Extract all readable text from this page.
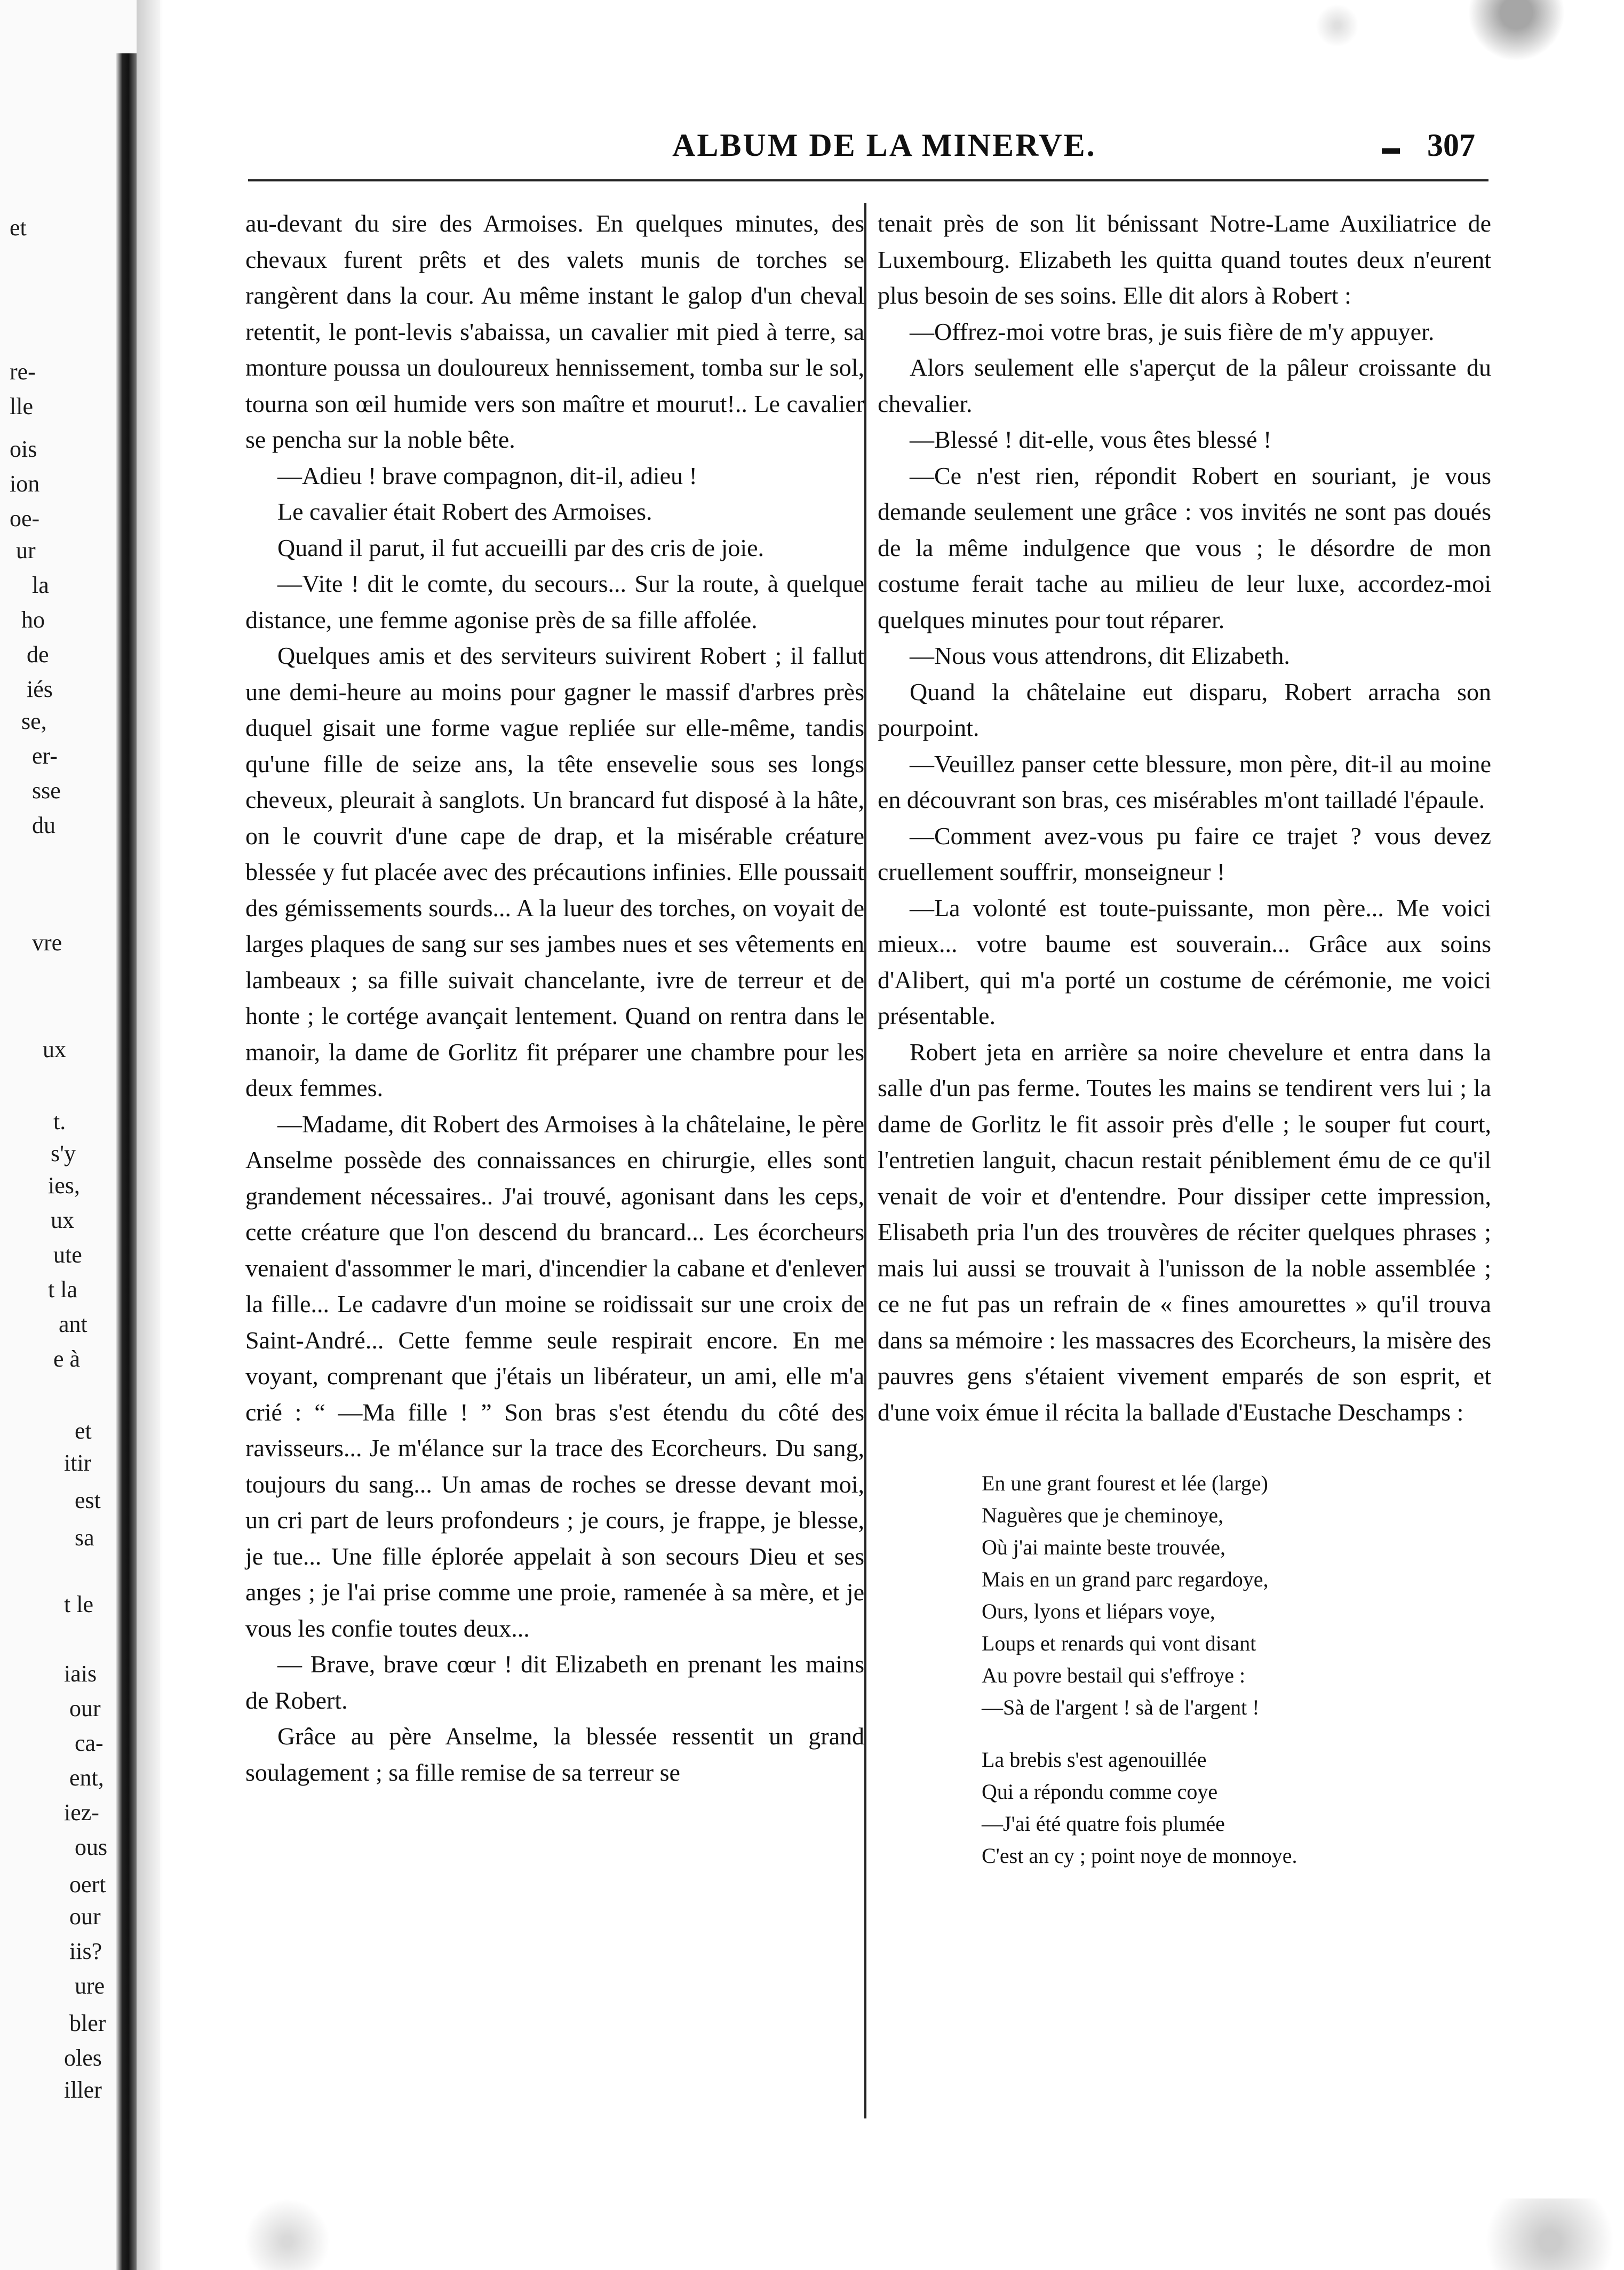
et
re-
lle
ois
ion
oe-
ur
la
ho
de
iés
se,
er-
sse
du
vre
ux
t.
s'y
ies,
ux
ute
t la
ant
e à
et
itir
est
sa
t le
iais
our
ca-
ent,
iez-
ous
oert
our
iis?
ure
bler
oles
iller
ALBUM DE LA MINERVE.	307

au-devant du sire des Armoises. En quelques minutes, des chevaux furent prêts et des valets munis de torches se rangèrent dans la cour. Au même instant le galop d'un cheval retentit, le pont-levis s'abaissa, un cavalier mit pied à terre, sa monture poussa un douloureux hennissement, tomba sur le sol, tourna son œil humide vers son maître et mourut!.. Le cavalier se pencha sur la noble bête.

—Adieu ! brave compagnon, dit-il, adieu !

Le cavalier était Robert des Armoises.

Quand il parut, il fut accueilli par des cris de joie.

—Vite ! dit le comte, du secours... Sur la route, à quelque distance, une femme agonise près de sa fille affolée.

Quelques amis et des serviteurs suivirent Robert ; il fallut une demi-heure au moins pour gagner le massif d'arbres près duquel gisait une forme vague repliée sur elle-même, tandis qu'une fille de seize ans, la tête ensevelie sous ses longs cheveux, pleurait à sanglots. Un brancard fut disposé à la hâte, on le couvrit d'une cape de drap, et la misérable créature blessée y fut placée avec des précautions infinies. Elle poussait des gémissements sourds... A la lueur des torches, on voyait de larges plaques de sang sur ses jambes nues et ses vêtements en lambeaux ; sa fille suivait chancelante, ivre de terreur et de honte ; le cortége avançait lentement. Quand on rentra dans le manoir, la dame de Gorlitz fit préparer une chambre pour les deux femmes.

—Madame, dit Robert des Armoises à la châtelaine, le père Anselme possède des connaissances en chirurgie, elles sont grandement nécessaires.. J'ai trouvé, agonisant dans les ceps, cette créature que l'on descend du brancard... Les écorcheurs venaient d'assommer le mari, d'incendier la cabane et d'enlever la fille... Le cadavre d'un moine se roidissait sur une croix de Saint-André... Cette femme seule respirait encore. En me voyant, comprenant que j'étais un libérateur, un ami, elle m'a crié : “ —Ma fille ! ” Son bras s'est étendu du côté des ravisseurs... Je m'élance sur la trace des Ecorcheurs. Du sang, toujours du sang... Un amas de roches se dresse devant moi, un cri part de leurs profondeurs ; je cours, je frappe, je blesse, je tue... Une fille éplorée appelait à son secours Dieu et ses anges ; je l'ai prise comme une proie, ramenée à sa mère, et je vous les confie toutes deux...

— Brave, brave cœur ! dit Elizabeth en prenant les mains de Robert.

Grâce au père Anselme, la blessée ressentit un grand soulagement ; sa fille remise de sa terreur se

tenait près de son lit bénissant Notre-Lame Auxiliatrice de Luxembourg. Elizabeth les quitta quand toutes deux n'eurent plus besoin de ses soins. Elle dit alors à Robert :

—Offrez-moi votre bras, je suis fière de m'y appuyer.

Alors seulement elle s'aperçut de la pâleur croissante du chevalier.

—Blessé ! dit-elle, vous êtes blessé !

—Ce n'est rien, répondit Robert en souriant, je vous demande seulement une grâce : vos invités ne sont pas doués de la même indulgence que vous ; le désordre de mon costume ferait tache au milieu de leur luxe, accordez-moi quelques minutes pour tout réparer.

—Nous vous attendrons, dit Elizabeth.

Quand la châtelaine eut disparu, Robert arracha son pourpoint.

—Veuillez panser cette blessure, mon père, dit-il au moine en découvrant son bras, ces misérables m'ont tailladé l'épaule.

—Comment avez-vous pu faire ce trajet ? vous devez cruellement souffrir, monseigneur !

—La volonté est toute-puissante, mon père... Me voici mieux... votre baume est souverain... Grâce aux soins d'Alibert, qui m'a porté un costume de cérémonie, me voici présentable.

Robert jeta en arrière sa noire chevelure et entra dans la salle d'un pas ferme. Toutes les mains se tendirent vers lui ; la dame de Gorlitz le fit assoir près d'elle ; le souper fut court, l'entretien languit, chacun restait péniblement ému de ce qu'il venait de voir et d'entendre. Pour dissiper cette impression, Elisabeth pria l'un des trouvères de réciter quelques phrases ; mais lui aussi se trouvait à l'unisson de la noble assemblée ; ce ne fut pas un refrain de « fines amourettes » qu'il trouva dans sa mémoire : les massacres des Ecorcheurs, la misère des pauvres gens s'étaient vivement emparés de son esprit, et d'une voix émue il récita la ballade d'Eustache Deschamps :

En une grant fourest et lée (large)
Naguères que je cheminoye,
Où j'ai mainte beste trouvée,
Mais en un grand parc regardoye,
Ours, lyons et liépars voye,
Loups et renards qui vont disant
Au povre bestail qui s'effroye :
—Sà de l'argent ! sà de l'argent !
La brebis s'est agenouillée
Qui a répondu comme coye
—J'ai été quatre fois plumée
C'est an cy ; point noye de monnoye.
